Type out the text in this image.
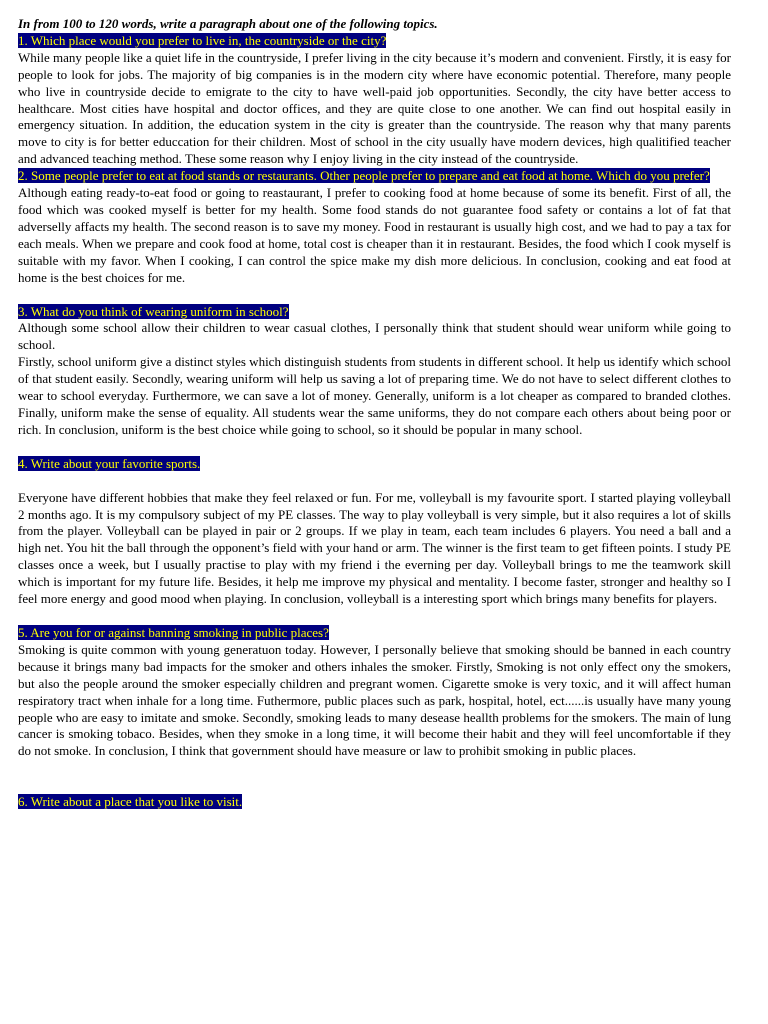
In from 100 to 120 words, write a paragraph about one of the following topics.

1. Which place would you prefer to live in, the countryside or the city?

While many people like a quiet life in the countryside, I prefer living in the city because it’s modern and convenient. Firstly, it is easy for people to look for jobs. The majority of big companies is in the modern city where have economic potential. Therefore, many people who live in countryside decide to emigrate to the city to have well-paid job opportunities. Secondly, the city have better access to healthcare. Most cities have hospital and doctor offices, and they are quite close to one another. We can find out hospital easily in emergency situation. In addition, the education system in the city is greater than the countryside. The reason why that many parents move to city is for better educcation for their children. Most of school in the city usually have modern devices, high qualitified teacher and advanced teaching method. These some reason why I enjoy living in the city instead of the countryside.

2. Some people prefer to eat at food stands or restaurants. Other people prefer to prepare and eat food at home. Which do you prefer?

Although eating ready-to-eat food or going to reastaurant, I prefer to cooking food at home because of some its benefit. First of all, the food which was cooked myself is better for my health. Some food stands do not guarantee food safety or contains a lot of fat that adverselly affacts my health. The second reason is to save my money. Food in restaurant is usually high cost, and we had to pay a tax for each meals. When we prepare and cook food at home, total cost is cheaper than it in restaurant. Besides, the food which I cook myself is suitable with my favor. When I cooking, I can control the spice make my dish more delicious. In conclusion, cooking and eat food at home is the best choices for me.

3. What do you think of wearing uniform in school?

Although some school allow their children to wear casual clothes, I personally think that student should wear uniform while going to school.

Firstly, school uniform give a distinct styles which distinguish students from students in different school. It help us identify which school of that student easily. Secondly, wearing uniform will help us saving a lot of preparing time. We do not have to select different clothes to wear to school everyday. Furthermore, we can save a lot of money. Generally, uniform is a lot cheaper as compared to branded clothes. Finally, uniform make the sense of equality. All students wear the same uniforms, they do not compare each others about being poor or rich. In conclusion, uniform is the best choice while going to school, so it should be popular in many school.

4. Write about your favorite sports.

Everyone have different hobbies that make they feel relaxed or fun. For me, volleyball is my favourite sport. I started playing volleyball 2 months ago. It is my compulsory subject of my PE classes. The way to play volleyball is very simple, but it also requires a lot of skills from the player. Volleyball can be played in pair or 2 groups. If we play in team, each team includes 6 players. You need a ball and a high net. You hit the ball through the opponent’s field with your hand or arm. The winner is the first team to get fifteen points. I study PE classes once a week, but I usually practise to play with my friend i the everning per day. Volleyball brings to me the teamwork skill which is important for my future life. Besides, it help me improve my physical and mentality. I become faster, stronger and healthy so I feel more energy and good mood when playing. In conclusion, volleyball is a interesting sport which brings many benefits for players.

5. Are you for or against banning smoking in public places?

Smoking is quite common with young generatuon today. However, I personally believe that smoking should be banned in each country because it brings many bad impacts for the smoker and others inhales the smoker. Firstly, Smoking is not only effect ony the smokers, but also the people around the smoker especially children and pregrant women. Cigarette smoke is very toxic, and it will affect human respiratory tract when inhale for a long time. Futhermore, public places such as park, hospital, hotel, ect......is usually have many young people who are easy to imitate and smoke. Secondly, smoking leads to many desease heallth problems for the smokers. The main of lung cancer is smoking tobaco. Besides, when they smoke in a long time, it will become their habit and they will feel uncomfortable if they do not smoke. In conclusion, I think that government should have measure or law to prohibit smoking in public places.

6. Write about a place that you like to visit.
